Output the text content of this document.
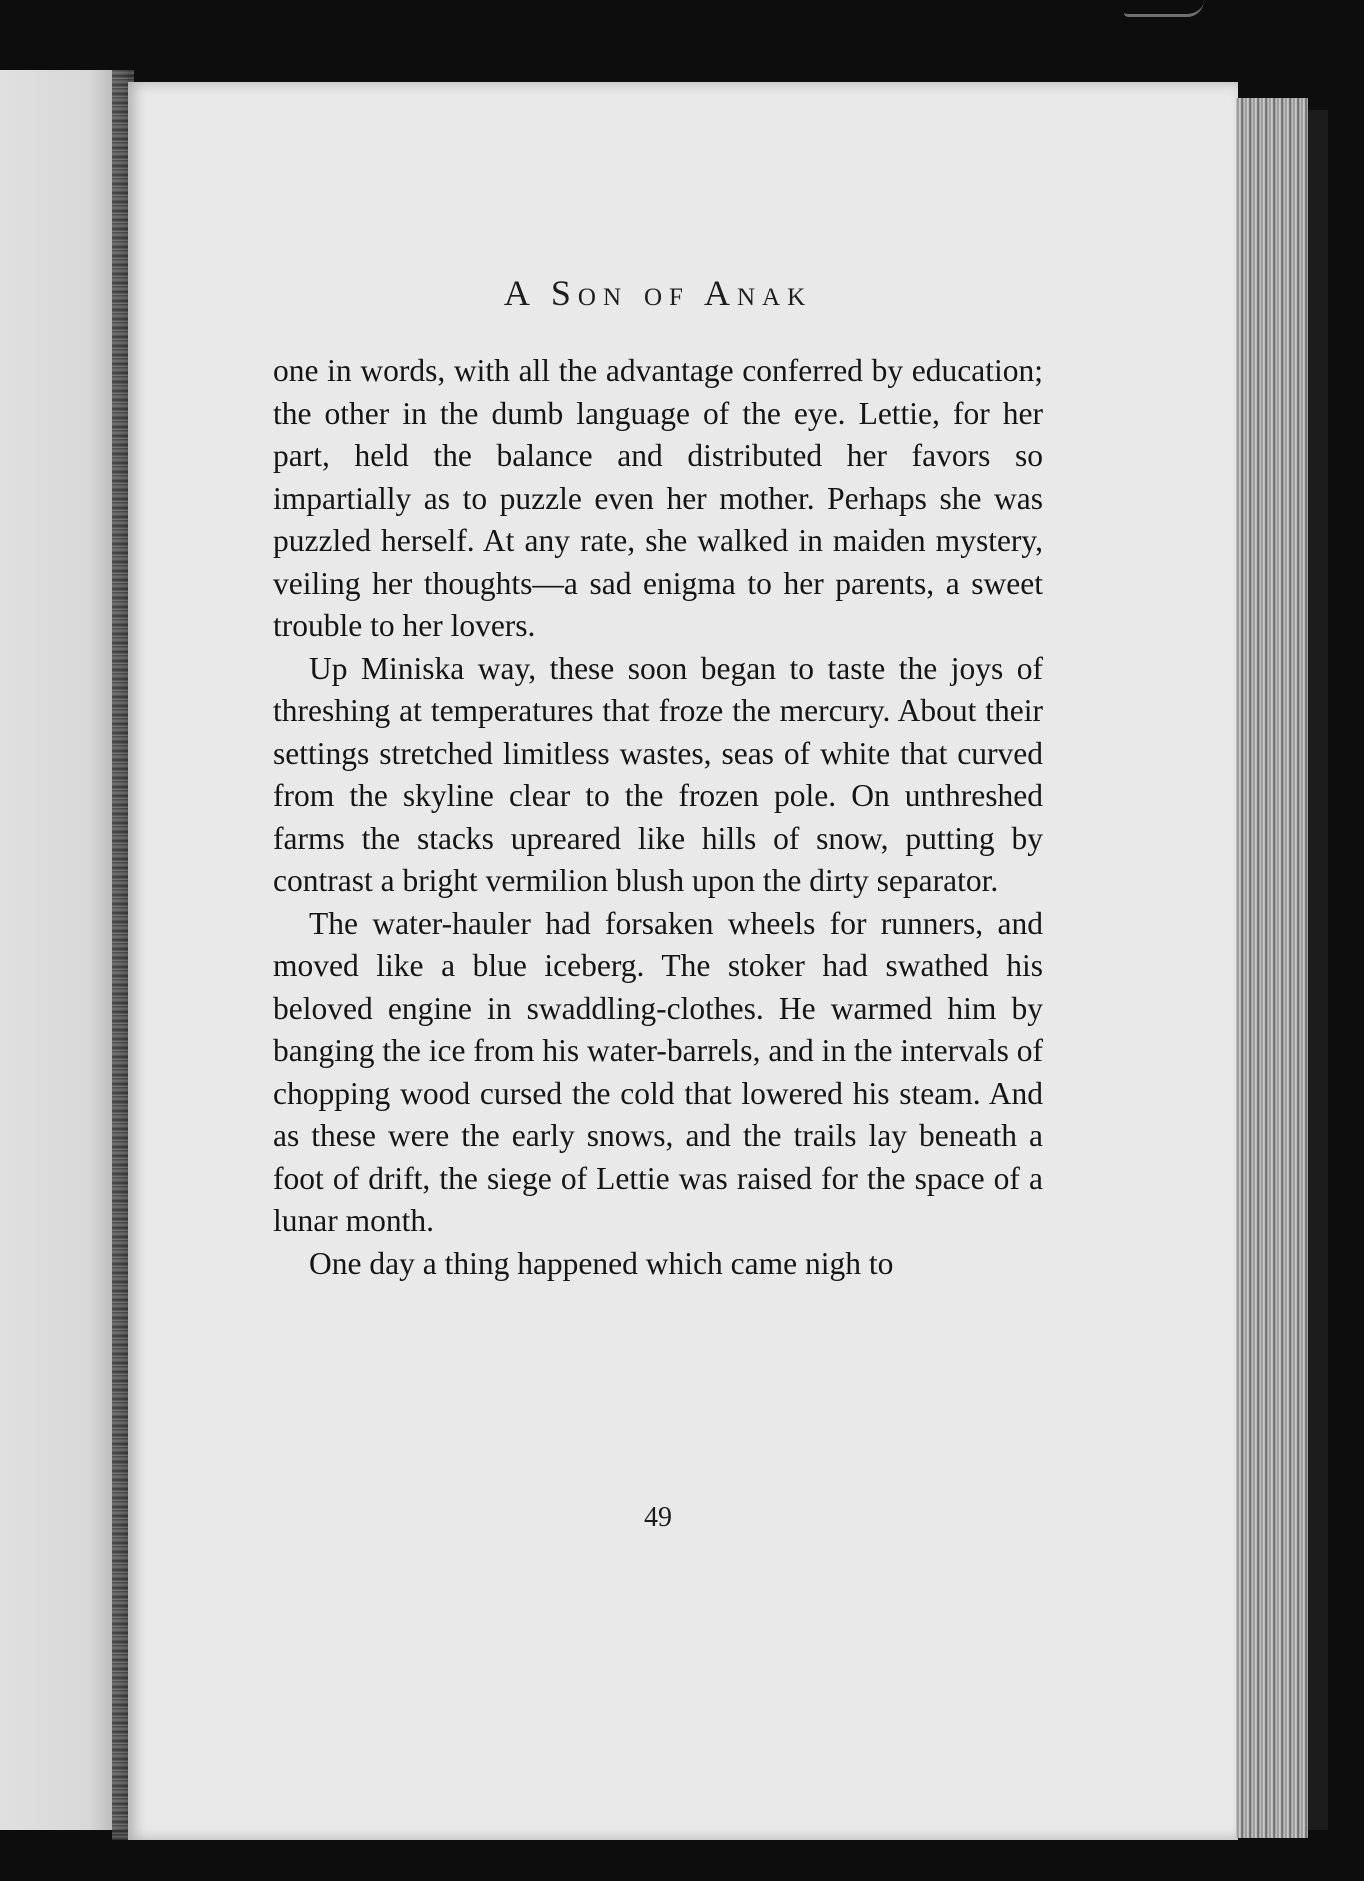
A Son of Anak

one in words, with all the advantage conferred by education; the other in the dumb language of the eye. Lettie, for her part, held the balance and distributed her favors so impartially as to puzzle even her mother. Perhaps she was puzzled herself. At any rate, she walked in maiden mystery, veiling her thoughts—a sad enigma to her parents, a sweet trouble to her lovers.

Up Miniska way, these soon began to taste the joys of threshing at temperatures that froze the mercury. About their settings stretched limitless wastes, seas of white that curved from the skyline clear to the frozen pole. On unthreshed farms the stacks upreared like hills of snow, putting by contrast a bright vermilion blush upon the dirty separator.

The water-hauler had forsaken wheels for runners, and moved like a blue iceberg. The stoker had swathed his beloved engine in swaddling-clothes. He warmed him by banging the ice from his water-barrels, and in the intervals of chopping wood cursed the cold that lowered his steam. And as these were the early snows, and the trails lay beneath a foot of drift, the siege of Lettie was raised for the space of a lunar month.

One day a thing happened which came nigh to

49
